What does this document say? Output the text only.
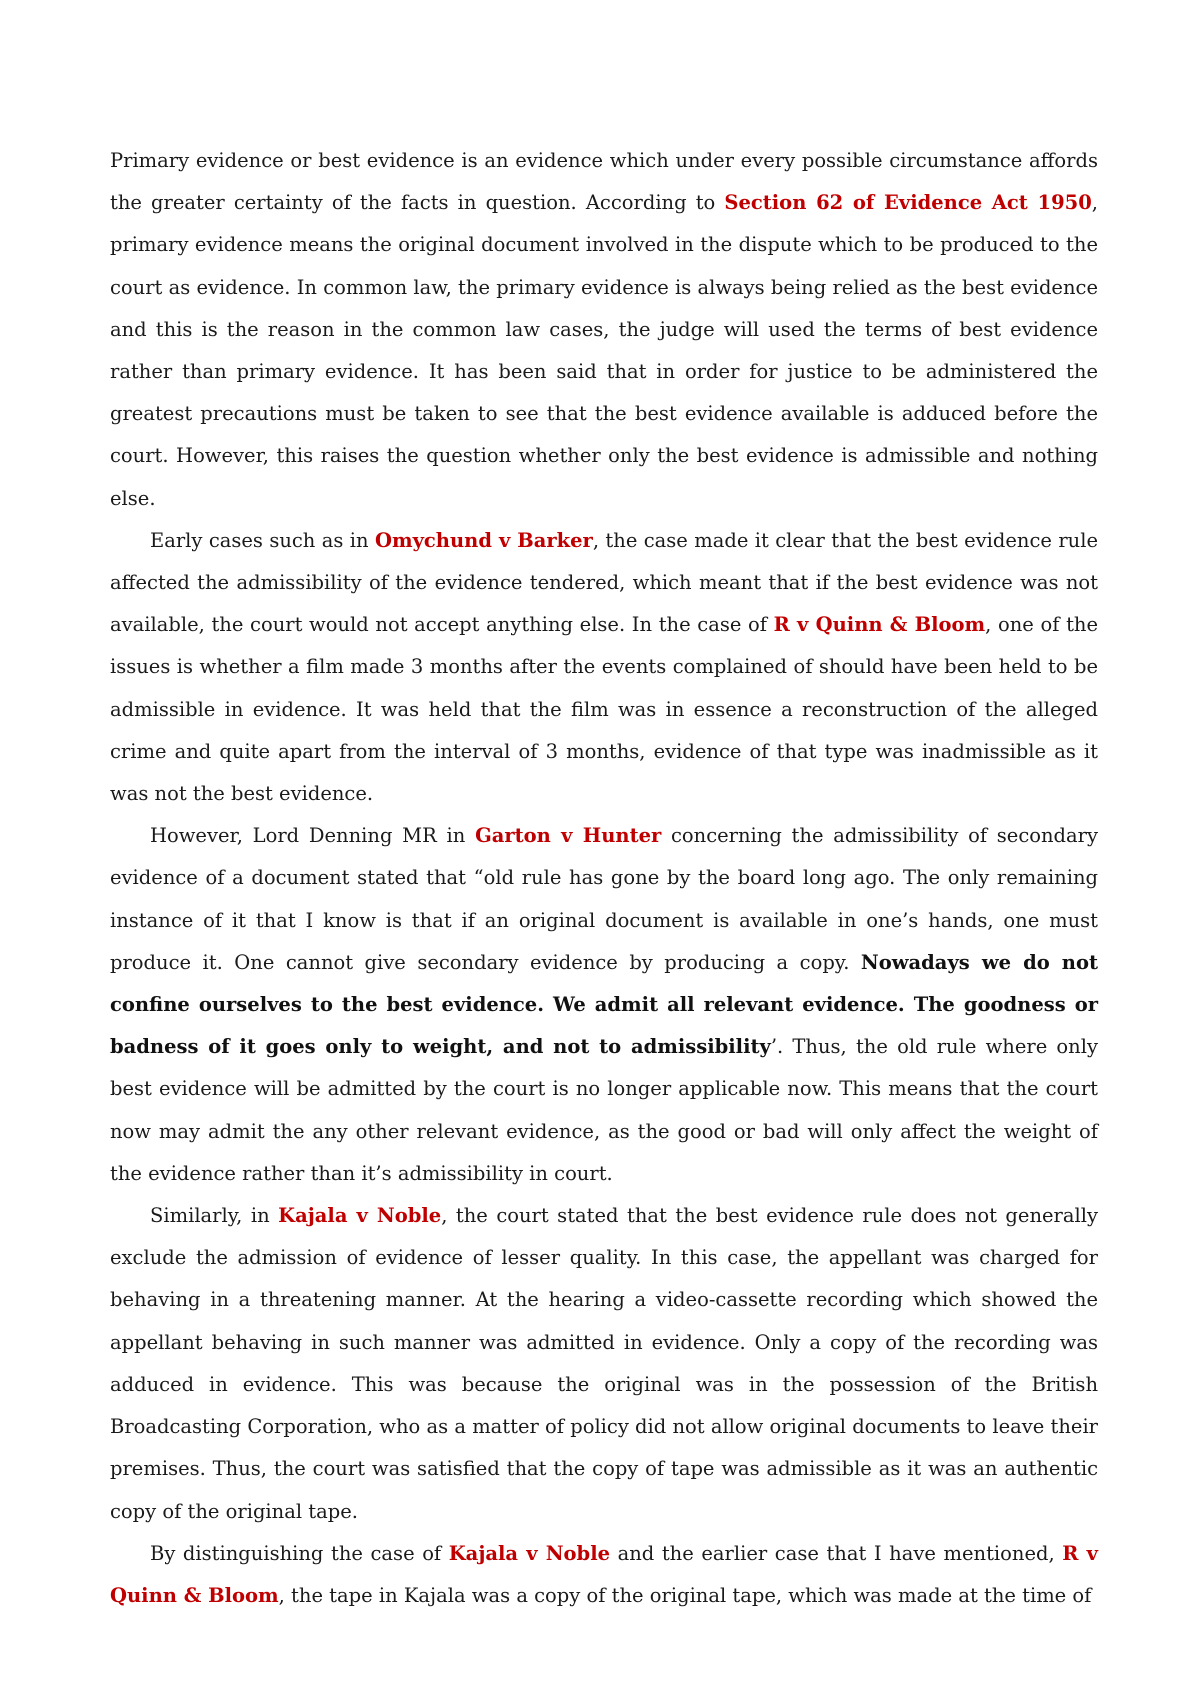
Primary evidence or best evidence is an evidence which under every possible circumstance affords the greater certainty of the facts in question. According to Section 62 of Evidence Act 1950, primary evidence means the original document involved in the dispute which to be produced to the court as evidence. In common law, the primary evidence is always being relied as the best evidence and this is the reason in the common law cases, the judge will used the terms of best evidence rather than primary evidence. It has been said that in order for justice to be administered the greatest precautions must be taken to see that the best evidence available is adduced before the court. However, this raises the question whether only the best evidence is admissible and nothing else.

Early cases such as in Omychund v Barker, the case made it clear that the best evidence rule affected the admissibility of the evidence tendered, which meant that if the best evidence was not available, the court would not accept anything else. In the case of R v Quinn & Bloom, one of the issues is whether a film made 3 months after the events complained of should have been held to be admissible in evidence. It was held that the film was in essence a reconstruction of the alleged crime and quite apart from the interval of 3 months, evidence of that type was inadmissible as it was not the best evidence.

However, Lord Denning MR in Garton v Hunter concerning the admissibility of secondary evidence of a document stated that “old rule has gone by the board long ago. The only remaining instance of it that I know is that if an original document is available in one’s hands, one must produce it. One cannot give secondary evidence by producing a copy. Nowadays we do not confine ourselves to the best evidence. We admit all relevant evidence. The goodness or badness of it goes only to weight, and not to admissibility’. Thus, the old rule where only best evidence will be admitted by the court is no longer applicable now. This means that the court now may admit the any other relevant evidence, as the good or bad will only affect the weight of the evidence rather than it’s admissibility in court.

Similarly, in Kajala v Noble, the court stated that the best evidence rule does not generally exclude the admission of evidence of lesser quality. In this case, the appellant was charged for behaving in a threatening manner. At the hearing a video-cassette recording which showed the appellant behaving in such manner was admitted in evidence. Only a copy of the recording was adduced in evidence. This was because the original was in the possession of the British Broadcasting Corporation, who as a matter of policy did not allow original documents to leave their premises. Thus, the court was satisfied that the copy of tape was admissible as it was an authentic copy of the original tape.

By distinguishing the case of Kajala v Noble and the earlier case that I have mentioned, R v Quinn & Bloom, the tape in Kajala was a copy of the original tape, which was made at the time of
